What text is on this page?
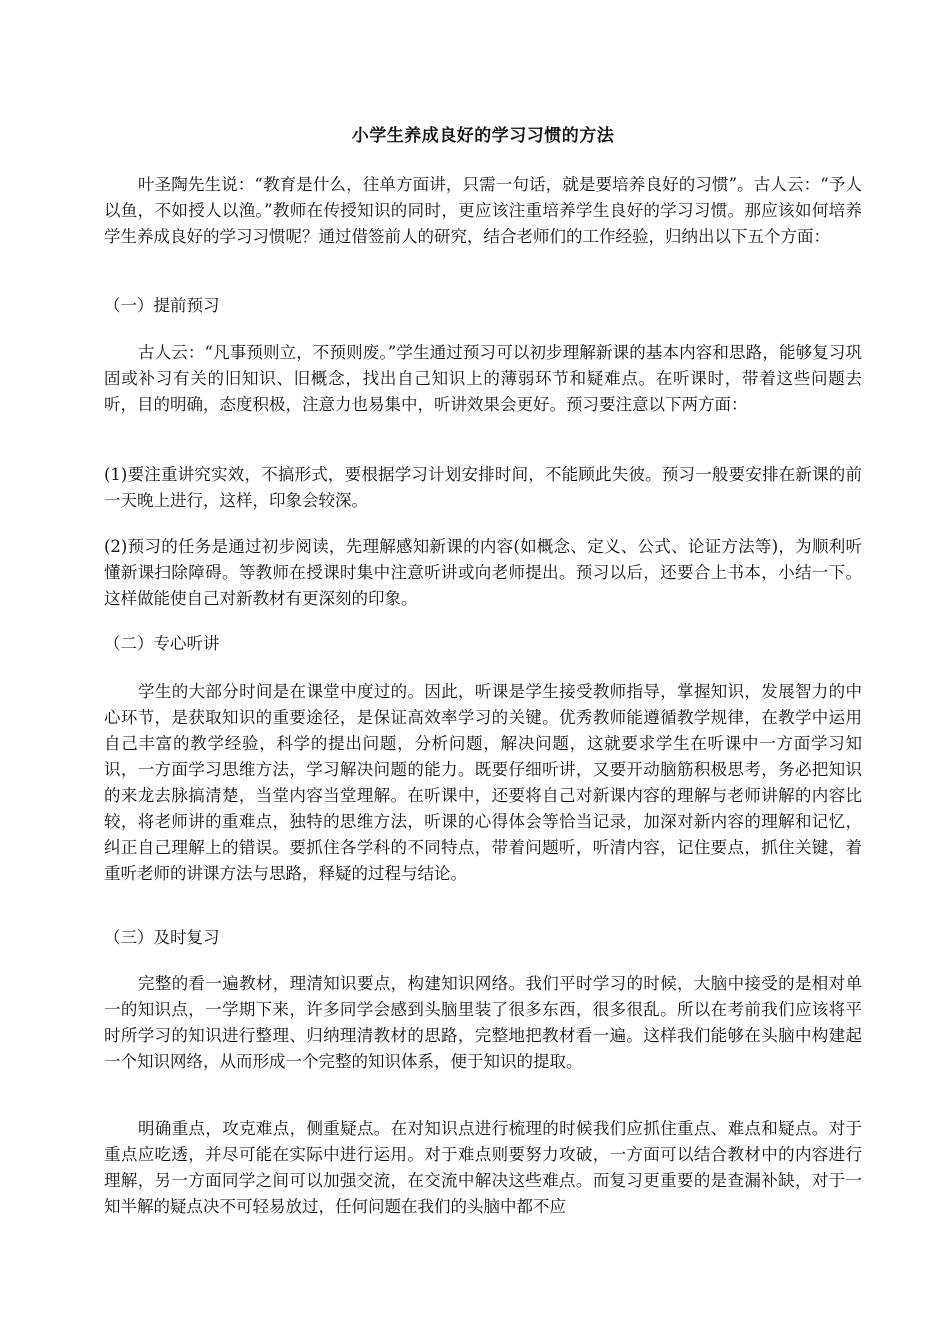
小学生养成良好的学习习惯的方法

叶圣陶先生说：“教育是什么，往单方面讲，只需一句话，就是要培养良好的习惯”。古人云：“予人以鱼，不如授人以渔。”教师在传授知识的同时，更应该注重培养学生良好的学习习惯。那应该如何培养学生养成良好的学习习惯呢？通过借签前人的研究，结合老师们的工作经验，归纳出以下五个方面：

（一）提前预习

古人云：“凡事预则立，不预则废。”学生通过预习可以初步理解新课的基本内容和思路，能够复习巩固或补习有关的旧知识、旧概念，找出自己知识上的薄弱环节和疑难点。在听课时，带着这些问题去听，目的明确，态度积极，注意力也易集中，听讲效果会更好。预习要注意以下两方面：

(1)要注重讲究实效，不搞形式，要根据学习计划安排时间，不能顾此失彼。预习一般要安排在新课的前一天晚上进行，这样，印象会较深。

(2)预习的任务是通过初步阅读，先理解感知新课的内容(如概念、定义、公式、论证方法等)，为顺利听懂新课扫除障碍。等教师在授课时集中注意听讲或向老师提出。预习以后，还要合上书本，小结一下。这样做能使自己对新教材有更深刻的印象。

（二）专心听讲

学生的大部分时间是在课堂中度过的。因此，听课是学生接受教师指导，掌握知识，发展智力的中心环节，是获取知识的重要途径，是保证高效率学习的关键。优秀教师能遵循教学规律，在教学中运用自己丰富的教学经验，科学的提出问题，分析问题，解决问题，这就要求学生在听课中一方面学习知识，一方面学习思维方法，学习解决问题的能力。既要仔细听讲，又要开动脑筋积极思考，务必把知识的来龙去脉搞清楚，当堂内容当堂理解。在听课中，还要将自己对新课内容的理解与老师讲解的内容比较，将老师讲的重难点，独特的思维方法，听课的心得体会等恰当记录，加深对新内容的理解和记忆，纠正自己理解上的错误。要抓住各学科的不同特点，带着问题听，听清内容，记住要点，抓住关键，着重听老师的讲课方法与思路，释疑的过程与结论。

（三）及时复习

完整的看一遍教材，理清知识要点，构建知识网络。我们平时学习的时候，大脑中接受的是相对单一的知识点，一学期下来，许多同学会感到头脑里装了很多东西，很多很乱。所以在考前我们应该将平时所学习的知识进行整理、归纳理清教材的思路，完整地把教材看一遍。这样我们能够在头脑中构建起一个知识网络，从而形成一个完整的知识体系，便于知识的提取。

明确重点，攻克难点，侧重疑点。在对知识点进行梳理的时候我们应抓住重点、难点和疑点。对于重点应吃透，并尽可能在实际中进行运用。对于难点则要努力攻破，一方面可以结合教材中的内容进行理解，另一方面同学之间可以加强交流，在交流中解决这些难点。而复习更重要的是查漏补缺，对于一知半解的疑点决不可轻易放过，任何问题在我们的头脑中都不应
